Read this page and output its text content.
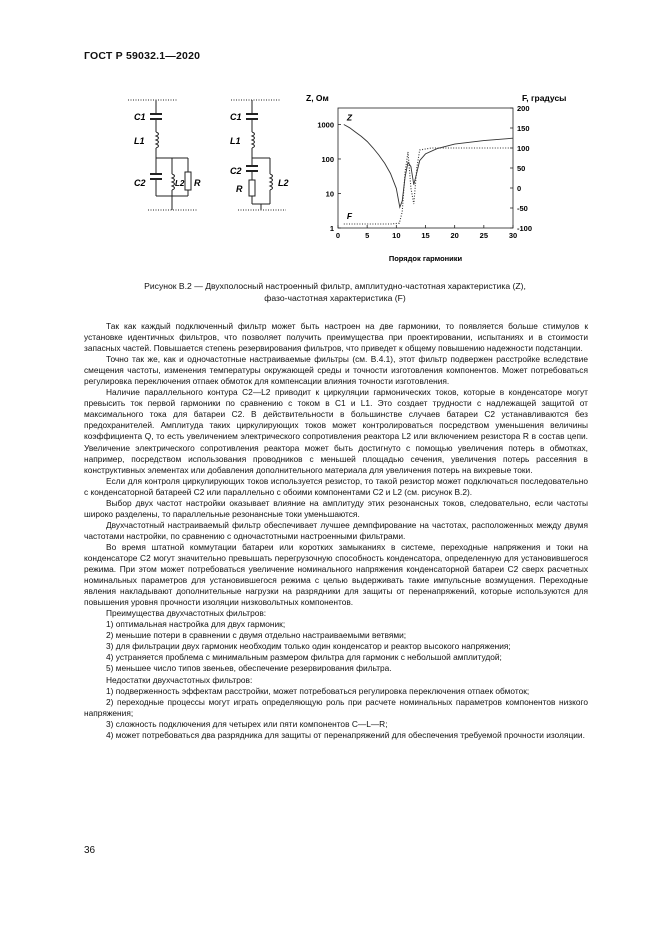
ГОСТ Р 59032.1—2020
C1
L1
C2	L2 R
C1
L1
C2
R
L2
Z, Ом	F, градусы
Порядок гармоники
0	5	10	15	20	25	30
1
10
100
1000
200
150
100
50
0
-50
-100
Z
F
Рисунок В.2 — Двухполосный настроенный фильтр, амплитудно-частотная характеристика (Z),
фазо-частотная характеристика (F)

Так как каждый подключенный фильтр может быть настроен на две гармоники, то появляется больше стимулов к установке идентичных фильтров, что позволяет получить преимущества при проектировании, испытаниях и в стоимости запасных частей. Повышается степень резервирования фильтров, что приведет к общему повышению надежности подстанции.

Точно так же, как и одночастотные настраиваемые фильтры (см. В.4.1), этот фильтр подвержен расстройке вследствие смещения частоты, изменения температуры окружающей среды и точности изготовления компонентов. Может потребоваться регулировка переключения отпаек обмоток для компенсации влияния точности изготовления.

Наличие параллельного контура C2—L2 приводит к циркуляции гармонических токов, которые в конденсаторе могут превысить ток первой гармоники по сравнению с током в C1 и L1. Это создает трудности с надлежащей защитой от максимального тока для батареи C2. В действительности в большинстве случаев батареи C2 устанавливаются без предохранителей. Амплитуда таких циркулирующих токов может контролироваться посредством уменьшения величины коэффициента Q, то есть увеличением электрического сопротивления реактора L2 или включением резистора R в состав цепи. Увеличение электрического сопротивления реактора может быть достигнуто с помощью увеличения потерь в обмотках, например, посредством использования проводников с меньшей площадью сечения, увеличения потерь рассеяния в конструктивных элементах или добавления дополнительного материала для увеличения потерь на вихревые токи.

Если для контроля циркулирующих токов используется резистор, то такой резистор может подключаться последовательно с конденсаторной батареей C2 или параллельно с обоими компонентами C2 и L2 (см. рисунок В.2).

Выбор двух частот настройки оказывает влияние на амплитуду этих резонансных токов, следовательно, если частоты широко разделены, то параллельные резонансные токи уменьшаются.

Двухчастотный настраиваемый фильтр обеспечивает лучшее демпфирование на частотах, расположенных между двумя частотами настройки, по сравнению с одночастотными настроенными фильтрами.

Во время штатной коммутации батареи или коротких замыканиях в системе, переходные напряжения и токи на конденсаторе C2 могут значительно превышать перегрузочную способность конденсатора, определенную для установившегося режима. При этом может потребоваться увеличение номинального напряжения конденсаторной батареи C2 сверх расчетных номинальных параметров для установившегося режима с целью выдерживать такие импульсные возмущения. Переходные явления накладывают дополнительные нагрузки на разрядники для защиты от перенапряжений, которые используются для повышения уровня прочности изоляции низковольтных компонентов.

Преимущества двухчастотных фильтров:

1) оптимальная настройка для двух гармоник;

2) меньшие потери в сравнении с двумя отдельно настраиваемыми ветвями;

3) для фильтрации двух гармоник необходим только один конденсатор и реактор высокого напряжения;

4) устраняется проблема с минимальным размером фильтра для гармоник с небольшой амплитудой;

5) меньшее число типов звеньев, обеспечение резервирования фильтра.

Недостатки двухчастотных фильтров:

1) подверженность эффектам расстройки, может потребоваться регулировка переключения отпаек обмоток;

2) переходные процессы могут играть определяющую роль при расчете номинальных параметров компонентов низкого напряжения;

3) сложность подключения для четырех или пяти компонентов C—L—R;

4) может потребоваться два разрядника для защиты от перенапряжений для обеспечения требуемой прочности изоляции.

36
